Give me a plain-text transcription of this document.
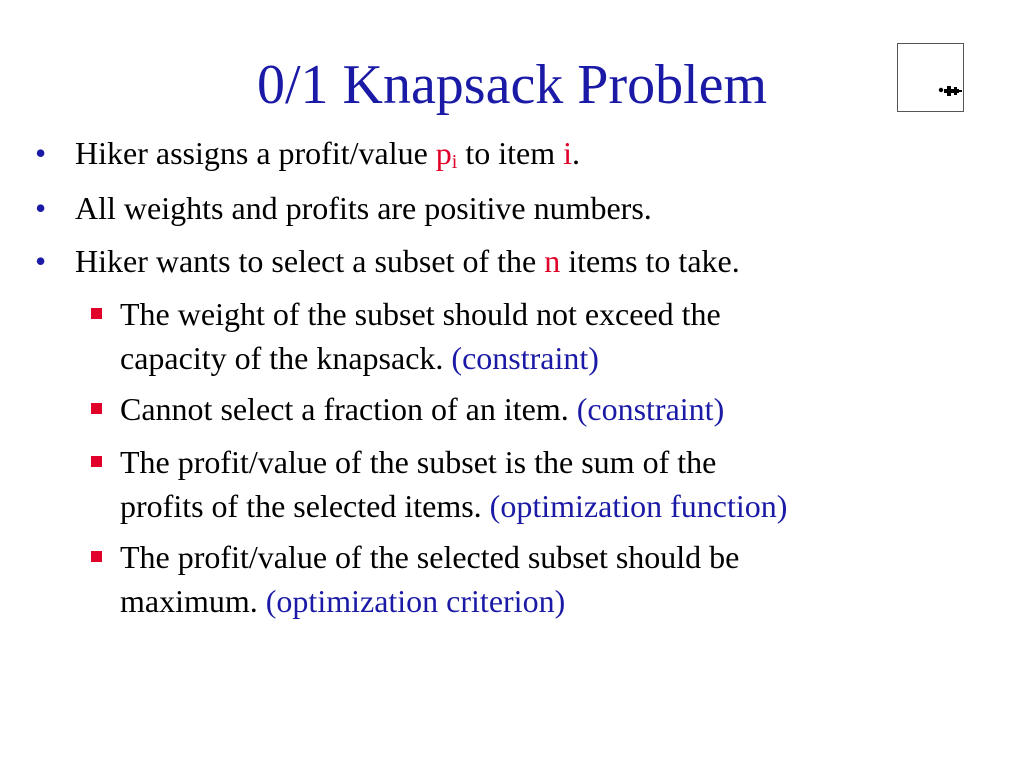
0/1 Knapsack Problem
• Hiker assigns a profit/value $p_i$ to item i.
• All weights and profits are positive numbers.
• Hiker wants to select a subset of the n items to take.
The weight of the subset should not exceed the
capacity of the knapsack. (constraint)
Cannot select a fraction of an item. (constraint)
The profit/value of the subset is the sum of the
profits of the selected items. (optimization function)
The profit/value of the selected subset should be
maximum. (optimization criterion)
